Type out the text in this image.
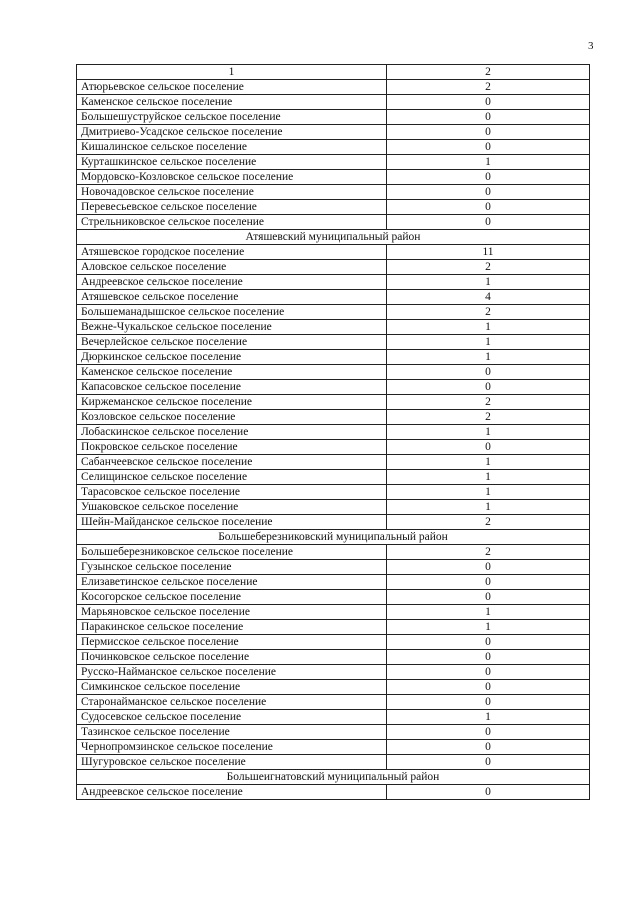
3
1	2
Атюрьевское сельское поселение	2
Каменское сельское поселение	0
Большешуструйское сельское поселение	0
Дмитриево-Усадское сельское поселение	0
Кишалинское сельское поселение	0
Курташкинское сельское поселение	1
Мордовско-Козловское сельское поселение	0
Новочадовское сельское поселение	0
Перевесьевское сельское поселение	0
Стрельниковское сельское поселение	0
Атяшевский муниципальный район	
Атяшевское городское поселение	11
Аловское сельское поселение	2
Андреевское сельское поселение	1
Атяшевское сельское поселение	4
Большеманадышское сельское поселение	2
Вежне-Чукальское сельское поселение	1
Вечерлейское сельское поселение	1
Дюркинское сельское поселение	1
Каменское сельское поселение	0
Капасовское сельское поселение	0
Киржеманское сельское поселение	2
Козловское сельское поселение	2
Лобаскинское сельское поселение	1
Покровское сельское поселение	0
Сабанчеевское сельское поселение	1
Селищинское сельское поселение	1
Тарасовское сельское поселение	1
Ушаковское сельское поселение	1
Шейн-Майданское сельское поселение	2
Большеберезниковский муниципальный район	
Большеберезниковское сельское поселение	2
Гузынское сельское поселение	0
Елизаветинское сельское поселение	0
Косогорское сельское поселение	0
Марьяновское сельское поселение	1
Паракинское сельское поселение	1
Пермисское сельское поселение	0
Починковское сельское поселение	0
Русско-Найманское сельское поселение	0
Симкинское сельское поселение	0
Старонайманское сельское поселение	0
Судосевское сельское поселение	1
Тазинское сельское поселение	0
Чернопромзинское сельское поселение	0
Шугуровское сельское поселение	0
Большеигнатовский муниципальный район	
Андреевское сельское поселение	0
